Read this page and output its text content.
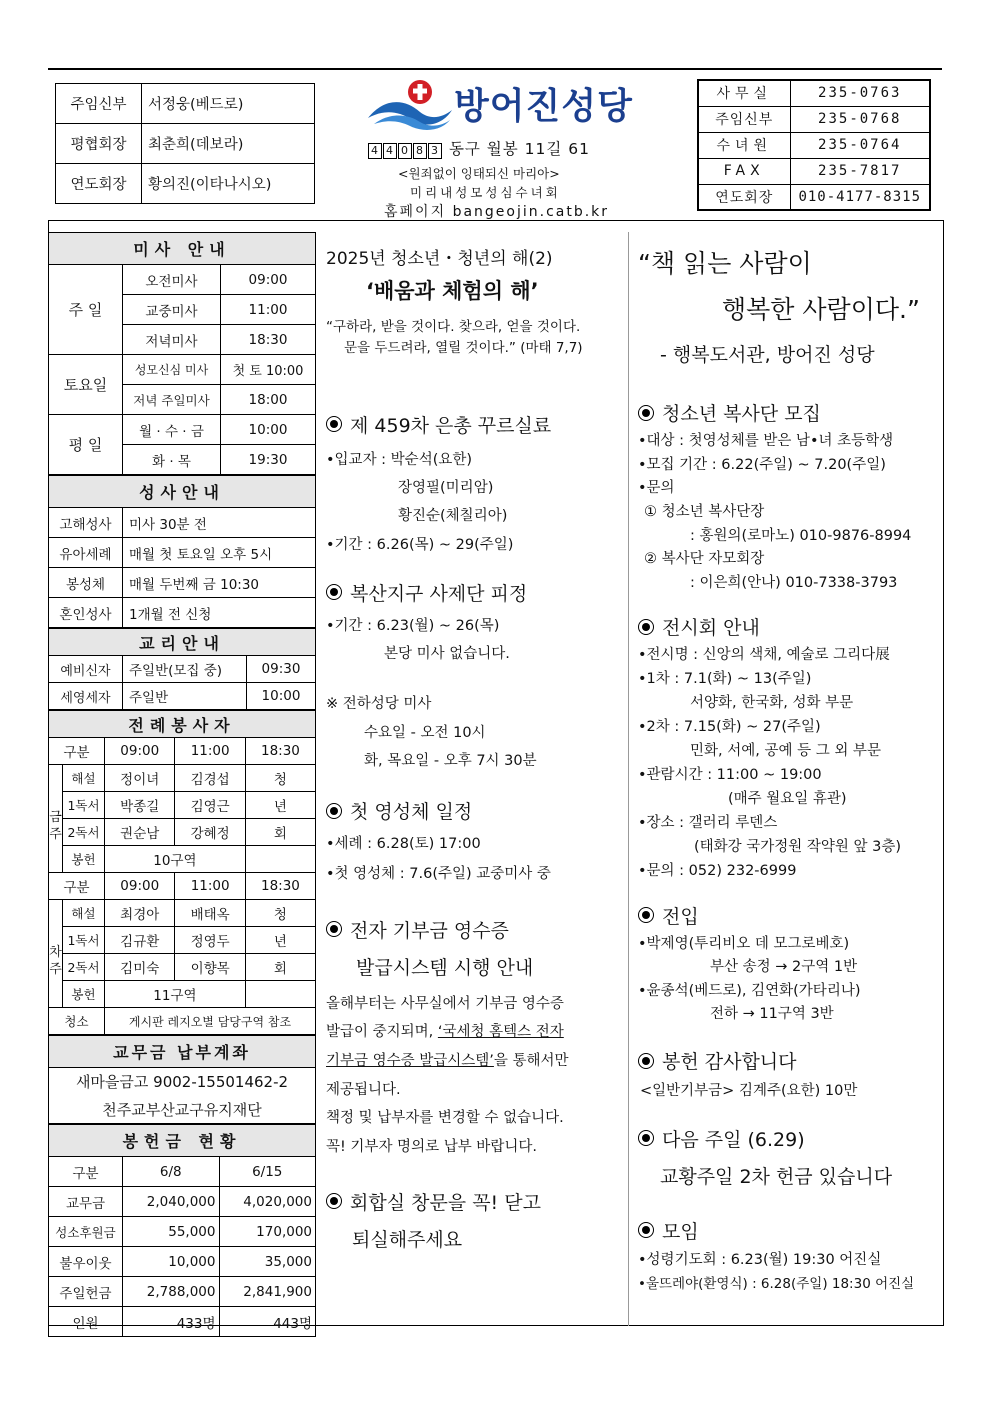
주임신부	서정웅(베드로)
평협회장	최춘희(데보라)
연도회장	황의진(이타나시오)
방어진성당
4 4 0 8 3 동구 월봉 11길 61
<원죄없이 잉태되신 마리아>
미리내성모성심수녀회
홈페이지 bangeojin.catb.kr
사무실	235-0763
주임신부	235-0768
수녀원	235-0764
FAX	235-7817
연도회장	010-4177-8315
미사 안내		
주 일	오전미사	09:00
	교중미사	11:00
	저녁미사	18:30
토요일	성모신심 미사	첫 토 10:00
	저녁 주일미사	18:00
평 일	월 · 수 · 금	10:00
	화 · 목	19:30
성사안내	
고해성사	미사 30분 전
유아세례	매월 첫 토요일 오후 5시
봉성체	매월 두번째 금 10:30
혼인성사	1개월 전 신청
교리안내		
예비신자	주일반(모집 중)	09:30
세영세자	주일반	10:00
전례봉사자				
구분		09:00	11:00	18:30

금
주	해설	정이녀	김경섭	청
	1독서	박종길	김영근	년
	2독서	권순남	강혜정	회
	봉헌	10구역		
구분		09:00	11:00	18:30

차
주	해설	최경아	배태옥	청
	1독서	김규환	정영두	년
	2독서	김미숙	이향목	회
	봉헌	11구역		
청소		게시판 레지오별 담당구역 참조		
교무금 납부계좌
새마을금고 9002-15501462-2
천주교부산교구유지재단
봉헌금 현황		
구분	6/8	6/15
교무금	2,040,000	4,020,000
성소후원금	55,000	170,000
불우이웃	10,000	35,000
주일헌금	2,788,000	2,841,900
인원	433명	443명
2025년 청소년・청년의 해(2)
‘배움과 체험의 해’
“구하라, 받을 것이다. 찾으라, 얻을 것이다.
문을 두드려라, 열릴 것이다.” (마태 7,7)
제 459차 은총 꾸르실료
•입교자 : 박순석(요한)
장영필(미리암)
황진순(체칠리아)
•기간 : 6.26(목) ~ 29(주일)
복산지구 사제단 피정
•기간 : 6.23(월) ~ 26(목)
본당 미사 없습니다.
※ 전하성당 미사
수요일 - 오전 10시
화, 목요일 - 오후 7시 30분
첫 영성체 일정
•세례 : 6.28(토) 17:00
•첫 영성체 : 7.6(주일) 교중미사 중
전자 기부금 영수증
발급시스템 시행 안내
올해부터는 사무실에서 기부금 영수증
발급이 중지되며, ‘국세청 홈텍스 전자
기부금 영수증 발급시스템’을 통해서만
제공됩니다.
책정 및 납부자를 변경할 수 없습니다.
꼭! 기부자 명의로 납부 바랍니다.
회합실 창문을 꼭! 닫고
퇴실해주세요
“책 읽는 사람이
행복한 사람이다.”
- 행복도서관, 방어진 성당
청소년 복사단 모집
•대상 : 첫영성체를 받은 남•녀 초등학생
•모집 기간 : 6.22(주일) ~ 7.20(주일)
•문의
① 청소년 복사단장
: 홍원의(로마노) 010-9876-8994
② 복사단 자모회장
: 이은희(안나) 010-7338-3793
전시회 안내
•전시명 : 신앙의 색채, 예술로 그리다展
•1차 : 7.1(화) ~ 13(주일)
서양화, 한국화, 성화 부문
•2차 : 7.15(화) ~ 27(주일)
민화, 서예, 공예 등 그 외 부문
•관람시간 : 11:00 ~ 19:00
(매주 월요일 휴관)
•장소 : 갤러리 루덴스
(태화강 국가정원 작약원 앞 3층)
•문의 : 052) 232-6999
전입
•박제영(투리비오 데 모그로베호)
부산 송정 → 2구역 1반
•윤종석(베드로), 김연화(가타리나)
전하 → 11구역 3반
봉헌 감사합니다
<일반기부금> 김계주(요한) 10만
다음 주일 (6.29)
교황주일 2차 헌금 있습니다
모임
•성령기도회 : 6.23(월) 19:30 어진실
•울뜨레야(환영식) : 6.28(주일) 18:30 어진실
